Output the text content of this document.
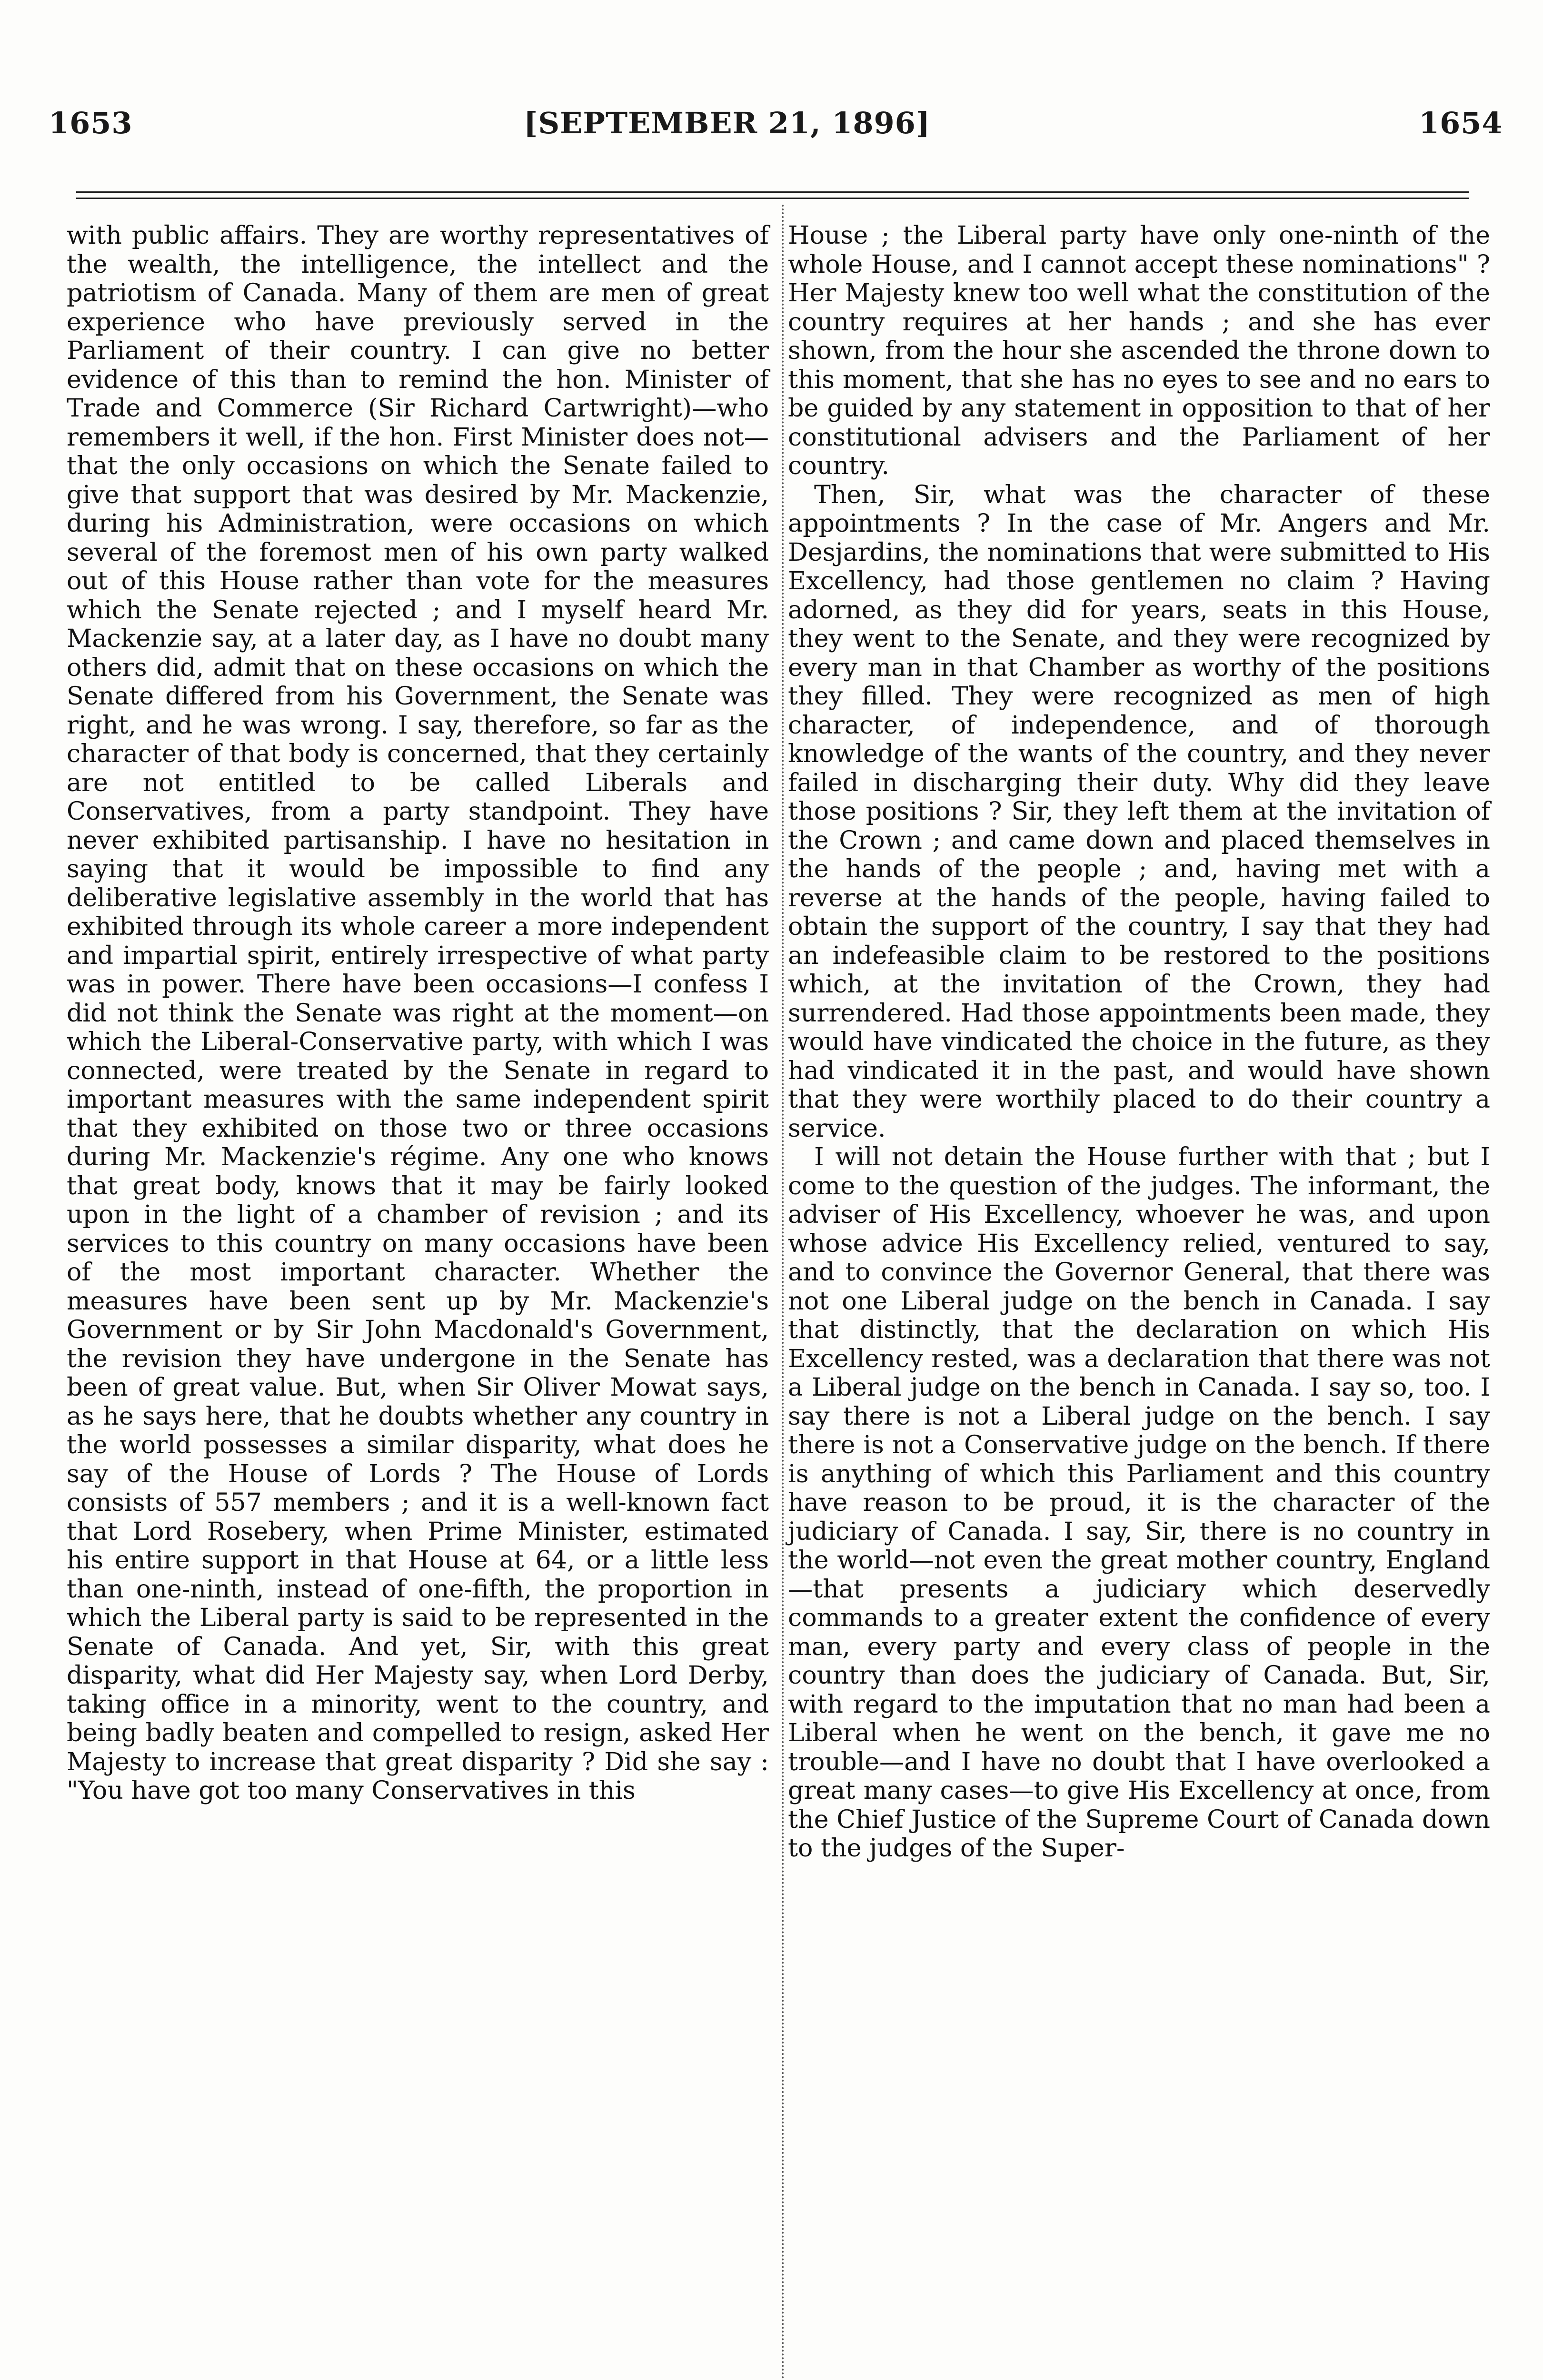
1653	[SEPTEMBER 21, 1896]	1654

with public affairs. They are worthy representatives of the wealth, the intelligence, the intellect and the patriotism of Canada. Many of them are men of great experience who have previously served in the Parliament of their country. I can give no better evidence of this than to remind the hon. Minister of Trade and Commerce (Sir Richard Cartwright)—who remembers it well, if the hon. First Minister does not—that the only occasions on which the Senate failed to give that support that was desired by Mr. Mackenzie, during his Administration, were occasions on which several of the foremost men of his own party walked out of this House rather than vote for the measures which the Senate rejected ; and I myself heard Mr. Mackenzie say, at a later day, as I have no doubt many others did, admit that on these occasions on which the Senate differed from his Government, the Senate was right, and he was wrong. I say, therefore, so far as the character of that body is concerned, that they certainly are not entitled to be called Liberals and Conservatives, from a party standpoint. They have never exhibited partisanship. I have no hesitation in saying that it would be impossible to find any deliberative legislative assembly in the world that has exhibited through its whole career a more independent and impartial spirit, entirely irrespective of what party was in power. There have been occasions—I confess I did not think the Senate was right at the moment—on which the Liberal-Conservative party, with which I was connected, were treated by the Senate in regard to important measures with the same independent spirit that they exhibited on those two or three occasions during Mr. Mackenzie's régime. Any one who knows that great body, knows that it may be fairly looked upon in the light of a chamber of revision ; and its services to this country on many occasions have been of the most important character. Whether the measures have been sent up by Mr. Mackenzie's Government or by Sir John Macdonald's Government, the revision they have undergone in the Senate has been of great value. But, when Sir Oliver Mowat says, as he says here, that he doubts whether any country in the world possesses a similar disparity, what does he say of the House of Lords ? The House of Lords consists of 557 members ; and it is a well-known fact that Lord Rosebery, when Prime Minister, estimated his entire support in that House at 64, or a little less than one-ninth, instead of one-fifth, the proportion in which the Liberal party is said to be represented in the Senate of Canada. And yet, Sir, with this great disparity, what did Her Majesty say, when Lord Derby, taking office in a minority, went to the country, and being badly beaten and compelled to resign, asked Her Majesty to increase that great disparity ? Did she say : "You have got too many Conservatives in this

House ; the Liberal party have only one-ninth of the whole House, and I cannot accept these nominations" ? Her Majesty knew too well what the constitution of the country requires at her hands ; and she has ever shown, from the hour she ascended the throne down to this moment, that she has no eyes to see and no ears to be guided by any statement in opposition to that of her constitutional advisers and the Parliament of her country.

Then, Sir, what was the character of these appointments ? In the case of Mr. Angers and Mr. Desjardins, the nominations that were submitted to His Excellency, had those gentlemen no claim ? Having adorned, as they did for years, seats in this House, they went to the Senate, and they were recognized by every man in that Chamber as worthy of the positions they filled. They were recognized as men of high character, of independence, and of thorough knowledge of the wants of the country, and they never failed in discharging their duty. Why did they leave those positions ? Sir, they left them at the invitation of the Crown ; and came down and placed themselves in the hands of the people ; and, having met with a reverse at the hands of the people, having failed to obtain the support of the country, I say that they had an indefeasible claim to be restored to the positions which, at the invitation of the Crown, they had surrendered. Had those appointments been made, they would have vindicated the choice in the future, as they had vindicated it in the past, and would have shown that they were worthily placed to do their country a service.

I will not detain the House further with that ; but I come to the question of the judges. The informant, the adviser of His Excellency, whoever he was, and upon whose advice His Excellency relied, ventured to say, and to convince the Governor General, that there was not one Liberal judge on the bench in Canada. I say that distinctly, that the declaration on which His Excellency rested, was a declaration that there was not a Liberal judge on the bench in Canada. I say so, too. I say there is not a Liberal judge on the bench. I say there is not a Conservative judge on the bench. If there is anything of which this Parliament and this country have reason to be proud, it is the character of the judiciary of Canada. I say, Sir, there is no country in the world—not even the great mother country, England—that presents a judiciary which deservedly commands to a greater extent the confidence of every man, every party and every class of people in the country than does the judiciary of Canada. But, Sir, with regard to the imputation that no man had been a Liberal when he went on the bench, it gave me no trouble—and I have no doubt that I have overlooked a great many cases—to give His Excellency at once, from the Chief Justice of the Supreme Court of Canada down to the judges of the Super-
